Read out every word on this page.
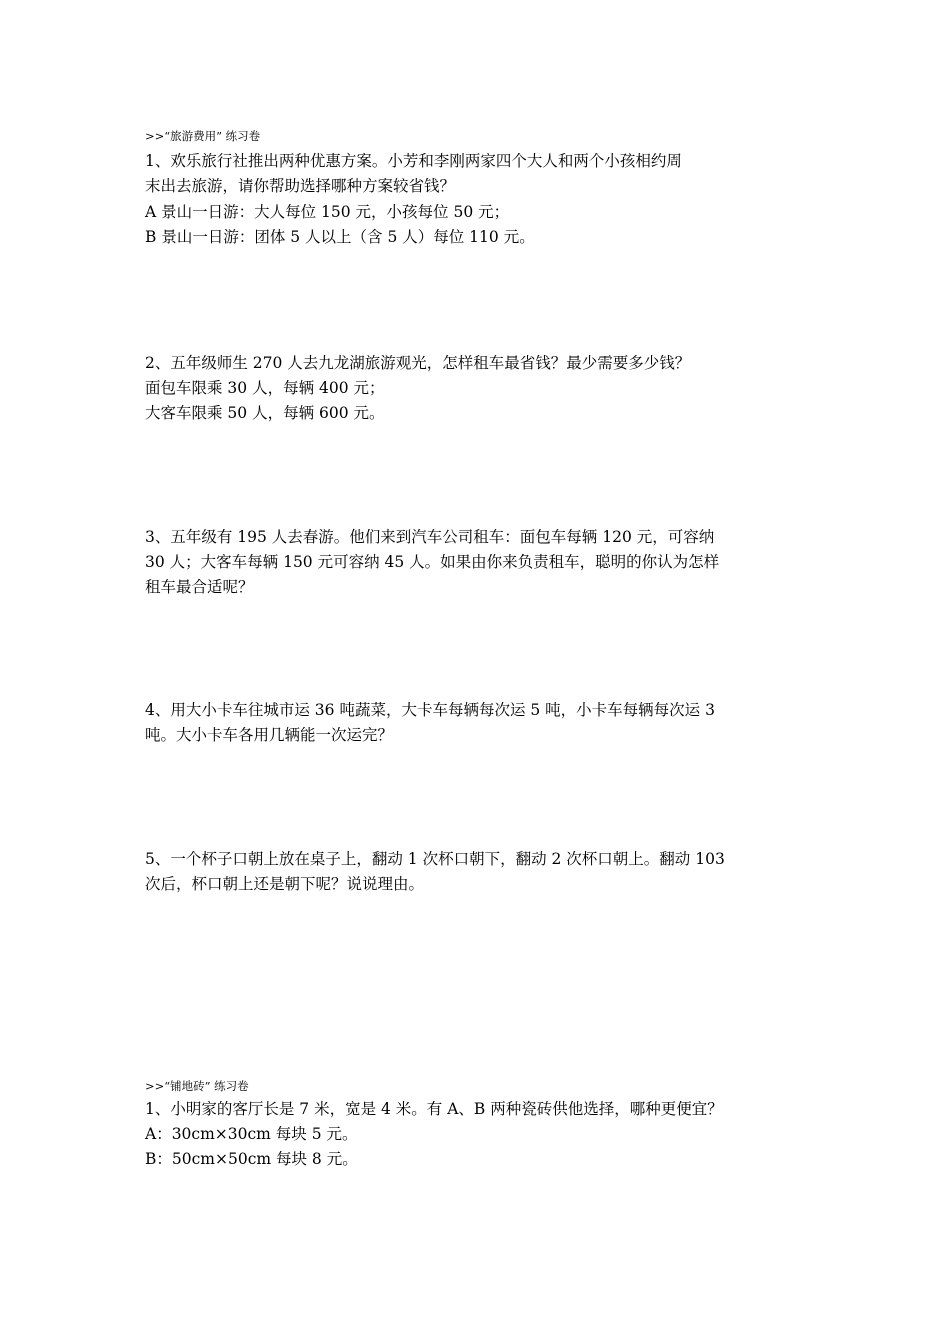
>>“旅游费用” 练习卷
1、欢乐旅行社推出两种优惠方案。小芳和李刚两家四个大人和两个小孩相约周
末出去旅游，请你帮助选择哪种方案较省钱？
A 景山一日游：大人每位 150 元，小孩每位 50 元；
B 景山一日游：团体 5 人以上（含 5 人）每位 110 元。
2、五年级师生 270 人去九龙湖旅游观光，怎样租车最省钱？最少需要多少钱？
面包车限乘 30 人，每辆 400 元；
大客车限乘 50 人，每辆 600 元。
3、五年级有 195 人去春游。他们来到汽车公司租车：面包车每辆 120 元，可容纳
30 人；大客车每辆 150 元可容纳 45 人。如果由你来负责租车，聪明的你认为怎样
租车最合适呢？
4、用大小卡车往城市运 36 吨蔬菜，大卡车每辆每次运 5 吨，小卡车每辆每次运 3
吨。大小卡车各用几辆能一次运完？
5、一个杯子口朝上放在桌子上，翻动 1 次杯口朝下，翻动 2 次杯口朝上。翻动 103
次后，杯口朝上还是朝下呢？说说理由。
>>“铺地砖” 练习卷
1、小明家的客厅长是 7 米，宽是 4 米。有 A、B 两种瓷砖供他选择，哪种更便宜？
A：30cm×30cm 每块 5 元。
B：50cm×50cm 每块 8 元。
